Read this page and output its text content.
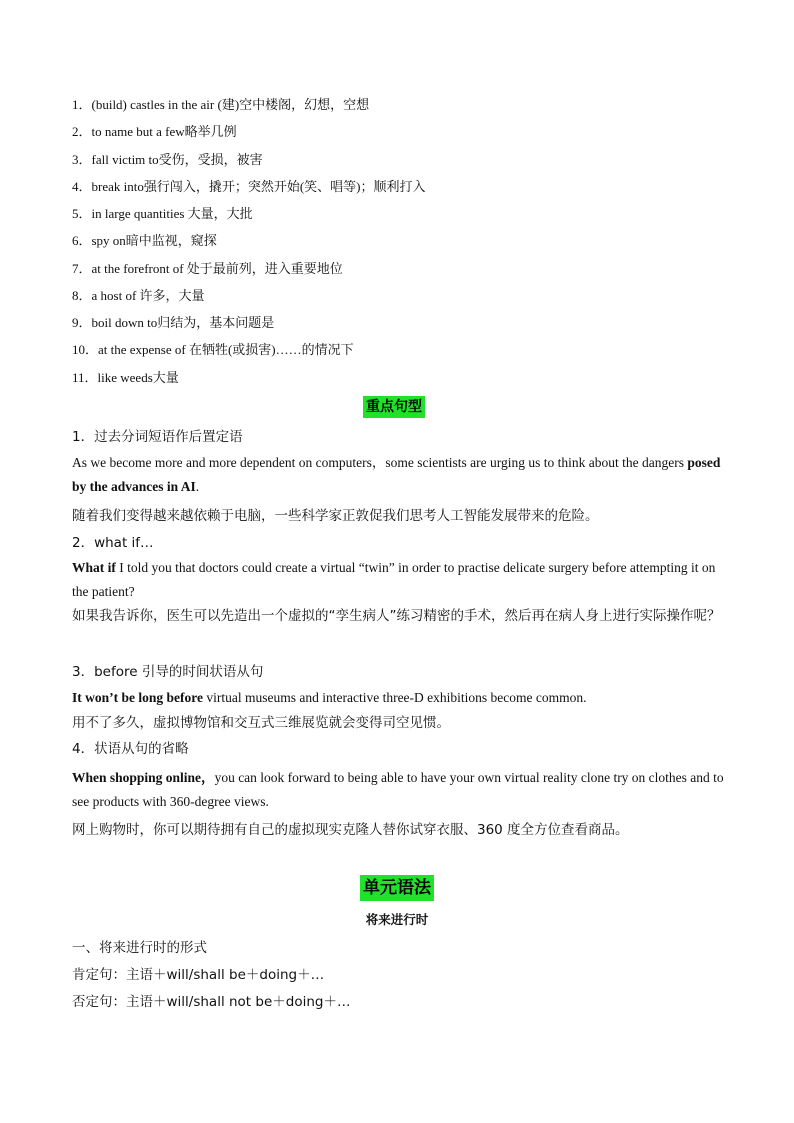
1．(build) castles in the air (建)空中楼阁，幻想，空想
2．to name but a few略举几例
3．fall victim to受伤，受损，被害
4．break into强行闯入，撬开；突然开始(笑、唱等)；顺利打入
5．in large quantities 大量，大批
6．spy on暗中监视，窥探
7．at the forefront of 处于最前列，进入重要地位
8．a host of 许多，大量
9．boil down to归结为，基本问题是
10．at the expense of 在牺牲(或损害)……的情况下
11．like weeds大量
重点句型
1．过去分词短语作后置定语
As we become more and more dependent on computers，some scientists are urging us to think about the dangers posed by the advances in AI.
随着我们变得越来越依赖于电脑，一些科学家正敦促我们思考人工智能发展带来的危险。
2．what if…
What if I told you that doctors could create a virtual “twin” in order to practise delicate surgery before attempting it on the patient?
如果我告诉你，医生可以先造出一个虚拟的“孪生病人”练习精密的手术，然后再在病人身上进行实际操作呢？
3．before 引导的时间状语从句
It won’t be long before virtual museums and interactive three-D exhibitions become common.
用不了多久，虚拟博物馆和交互式三维展览就会变得司空见惯。
4．状语从句的省略
When shopping online，you can look forward to being able to have your own virtual reality clone try on clothes and to see products with 360-degree views.
网上购物时，你可以期待拥有自己的虚拟现实克隆人替你试穿衣服、360 度全方位查看商品。
单元语法
将来进行时
一、将来进行时的形式
肯定句：主语＋will/shall be＋doing＋…
否定句：主语＋will/shall not be＋doing＋…
